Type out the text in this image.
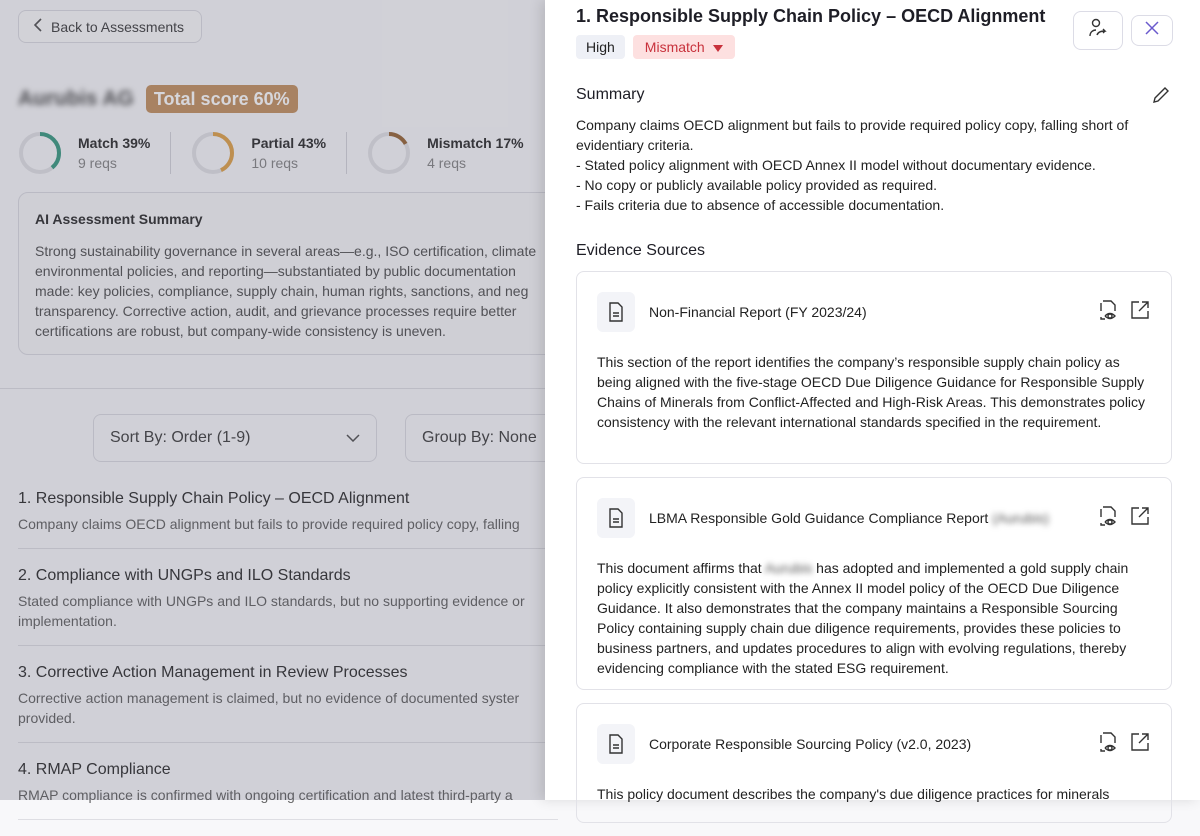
Back to Assessments
Aurubis AG	Total score 60%
Match 39%
9 reqs
Partial 43%
10 reqs
Mismatch 17%
4 reqs
AI Assessment Summary

Strong sustainability governance in several areas—e.g., ISO certification, climate

environmental policies, and reporting—substantiated by public documentation

made: key policies, compliance, supply chain, human rights, sanctions, and neg

transparency. Corrective action, audit, and grievance processes require better

certifications are robust, but company-wide consistency is uneven.

Sort By: Order (1-9)	Group By: None
1. Responsible Supply Chain Policy – OECD Alignment

Company claims OECD alignment but fails to provide required policy copy, falling

2. Compliance with UNGPs and ILO Standards

Stated compliance with UNGPs and ILO standards, but no supporting evidence or
implementation.

3. Corrective Action Management in Review Processes

Corrective action management is claimed, but no evidence of documented syster
provided.

4. RMAP Compliance

RMAP compliance is confirmed with ongoing certification and latest third-party a

1. Responsible Supply Chain Policy – OECD Alignment
High	Mismatch
Summary
Company claims OECD alignment but fails to provide required policy copy, falling short of evidentiary criteria.
- Stated policy alignment with OECD Annex II model without documentary evidence.
- No copy or publicly available policy provided as required.
- Fails criteria due to absence of accessible documentation.
Evidence Sources
Non-Financial Report (FY 2023/24)
This section of the report identifies the company’s responsible supply chain policy as being aligned with the five-stage OECD Due Diligence Guidance for Responsible Supply Chains of Minerals from Conflict-Affected and High-Risk Areas. This demonstrates policy consistency with the relevant international standards specified in the requirement.
LBMA Responsible Gold Guidance Compliance Report (Aurubis)
This document affirms that Aurubis has adopted and implemented a gold supply chain policy explicitly consistent with the Annex II model policy of the OECD Due Diligence Guidance. It also demonstrates that the company maintains a Responsible Sourcing Policy containing supply chain due diligence requirements, provides these policies to business partners, and updates procedures to align with evolving regulations, thereby evidencing compliance with the stated ESG requirement.
Corporate Responsible Sourcing Policy (v2.0, 2023)
This policy document describes the company's due diligence practices for minerals
